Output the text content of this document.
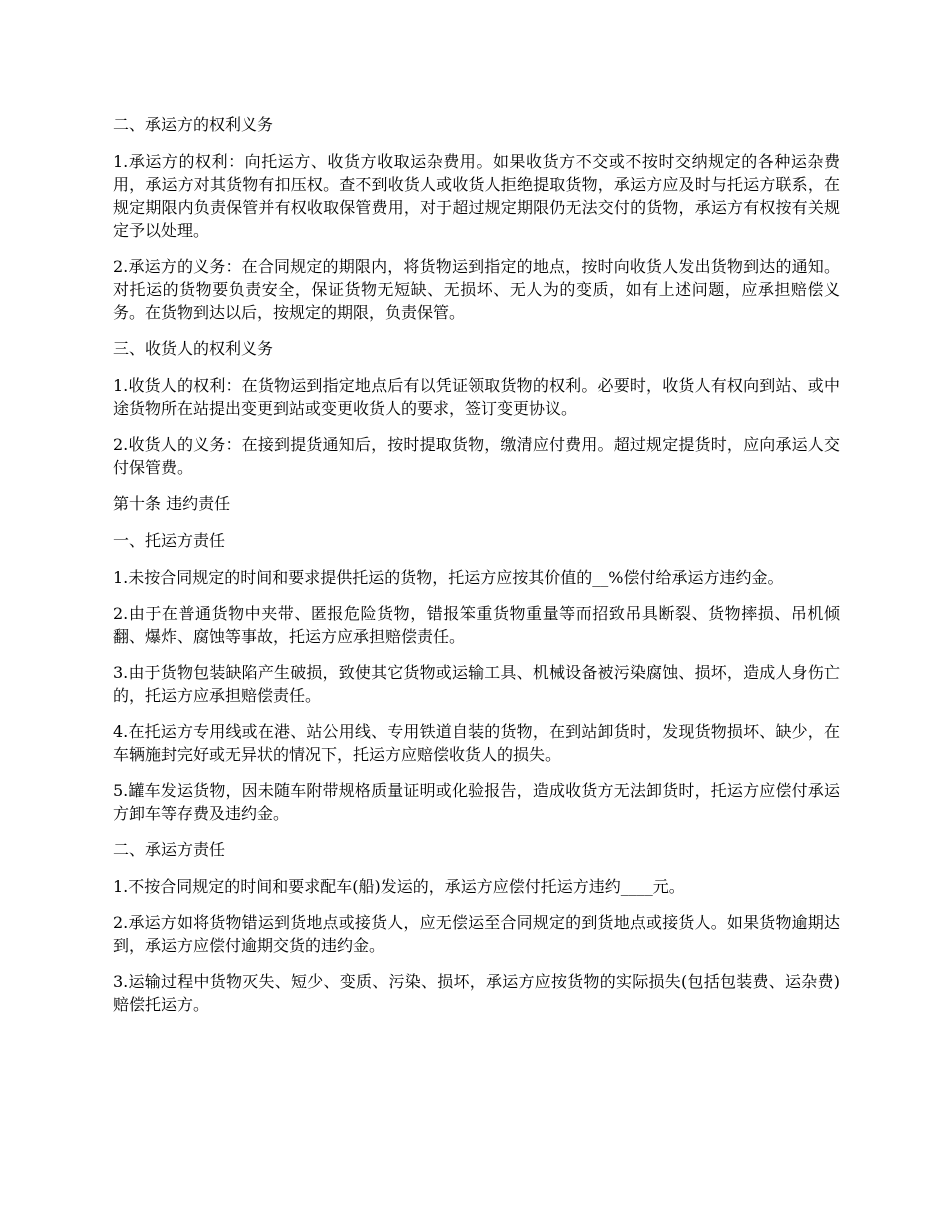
二、承运方的权利义务

1.承运方的权利：向托运方、收货方收取运杂费用。如果收货方不交或不按时交纳规定的各种运杂费用，承运方对其货物有扣压权。查不到收货人或收货人拒绝提取货物，承运方应及时与托运方联系，在规定期限内负责保管并有权收取保管费用，对于超过规定期限仍无法交付的货物，承运方有权按有关规定予以处理。

2.承运方的义务：在合同规定的期限内，将货物运到指定的地点，按时向收货人发出货物到达的通知。对托运的货物要负责安全，保证货物无短缺、无损坏、无人为的变质，如有上述问题，应承担赔偿义务。在货物到达以后，按规定的期限，负责保管。

三、收货人的权利义务

1.收货人的权利：在货物运到指定地点后有以凭证领取货物的权利。必要时，收货人有权向到站、或中途货物所在站提出变更到站或变更收货人的要求，签订变更协议。

2.收货人的义务：在接到提货通知后，按时提取货物，缴清应付费用。超过规定提货时，应向承运人交付保管费。

第十条 违约责任

一、托运方责任

1.未按合同规定的时间和要求提供托运的货物，托运方应按其价值的__%偿付给承运方违约金。

2.由于在普通货物中夹带、匿报危险货物，错报笨重货物重量等而招致吊具断裂、货物摔损、吊机倾翻、爆炸、腐蚀等事故，托运方应承担赔偿责任。

3.由于货物包装缺陷产生破损，致使其它货物或运输工具、机械设备被污染腐蚀、损坏，造成人身伤亡的，托运方应承担赔偿责任。

4.在托运方专用线或在港、站公用线、专用铁道自装的货物，在到站卸货时，发现货物损坏、缺少，在车辆施封完好或无异状的情况下，托运方应赔偿收货人的损失。

5.罐车发运货物，因未随车附带规格质量证明或化验报告，造成收货方无法卸货时，托运方应偿付承运方卸车等存费及违约金。

二、承运方责任

1.不按合同规定的时间和要求配车(船)发运的，承运方应偿付托运方违约____元。

2.承运方如将货物错运到货地点或接货人，应无偿运至合同规定的到货地点或接货人。如果货物逾期达到，承运方应偿付逾期交货的违约金。

3.运输过程中货物灭失、短少、变质、污染、损坏，承运方应按货物的实际损失(包括包装费、运杂费)赔偿托运方。
